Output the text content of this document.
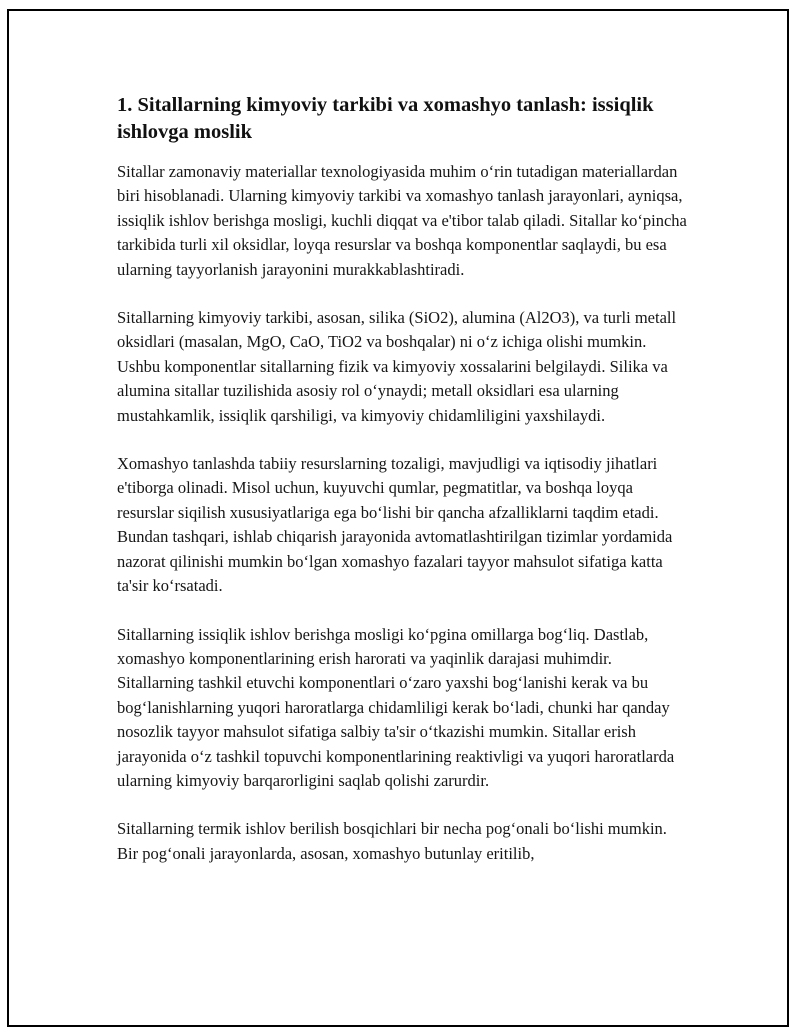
1. Sitallarning kimyoviy tarkibi va xomashyo tanlash: issiqlik ishlovga moslik

Sitallar zamonaviy materiallar texnologiyasida muhim o‘rin tutadigan materiallardan biri hisoblanadi. Ularning kimyoviy tarkibi va xomashyo tanlash jarayonlari, ayniqsa, issiqlik ishlov berishga mosligi, kuchli diqqat va e'tibor talab qiladi. Sitallar ko‘pincha tarkibida turli xil oksidlar, loyqa resurslar va boshqa komponentlar saqlaydi, bu esa ularning tayyorlanish jarayonini murakkablashtiradi.

Sitallarning kimyoviy tarkibi, asosan, silika (SiO2), alumina (Al2O3), va turli metall oksidlari (masalan, MgO, CaO, TiO2 va boshqalar) ni o‘z ichiga olishi mumkin. Ushbu komponentlar sitallarning fizik va kimyoviy xossalarini belgilaydi. Silika va alumina sitallar tuzilishida asosiy rol o‘ynaydi; metall oksidlari esa ularning mustahkamlik, issiqlik qarshiligi, va kimyoviy chidamliligini yaxshilaydi.

Xomashyo tanlashda tabiiy resurslarning tozaligi, mavjudligi va iqtisodiy jihatlari e'tiborga olinadi. Misol uchun, kuyuvchi qumlar, pegmatitlar, va boshqa loyqa resurslar siqilish xususiyatlariga ega bo‘lishi bir qancha afzalliklarni taqdim etadi. Bundan tashqari, ishlab chiqarish jarayonida avtomatlashtirilgan tizimlar yordamida nazorat qilinishi mumkin bo‘lgan xomashyo fazalari tayyor mahsulot sifatiga katta ta'sir ko‘rsatadi.

Sitallarning issiqlik ishlov berishga mosligi ko‘pgina omillarga bog‘liq. Dastlab, xomashyo komponentlarining erish harorati va yaqinlik darajasi muhimdir. Sitallarning tashkil etuvchi komponentlari o‘zaro yaxshi bog‘lanishi kerak va bu bog‘lanishlarning yuqori haroratlarga chidamliligi kerak bo‘ladi, chunki har qanday nosozlik tayyor mahsulot sifatiga salbiy ta'sir o‘tkazishi mumkin. Sitallar erish jarayonida o‘z tashkil topuvchi komponentlarining reaktivligi va yuqori haroratlarda ularning kimyoviy barqarorligini saqlab qolishi zarurdir.

Sitallarning termik ishlov berilish bosqichlari bir necha pog‘onali bo‘lishi mumkin. Bir pog‘onali jarayonlarda, asosan, xomashyo butunlay eritilib,
